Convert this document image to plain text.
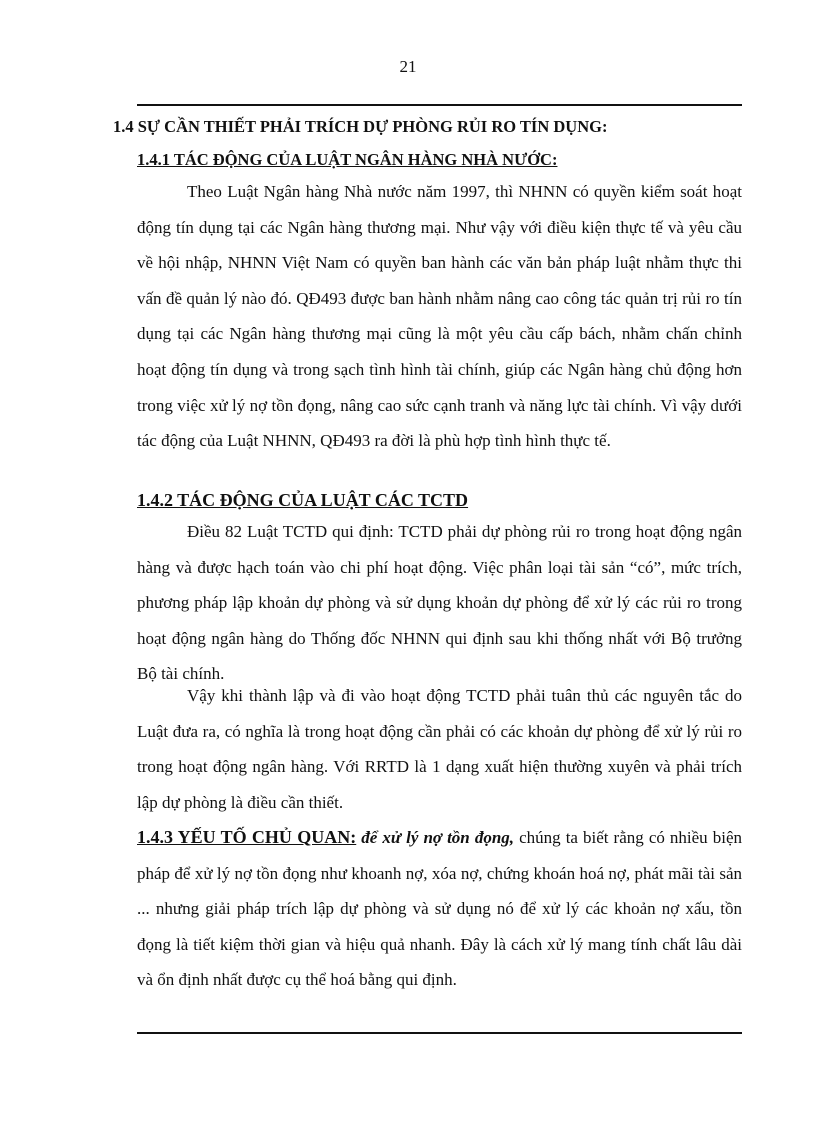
21
1.4 SỰ CẦN THIẾT PHẢI TRÍCH DỰ PHÒNG RỦI RO TÍN DỤNG:
1.4.1 TÁC ĐỘNG CỦA LUẬT NGÂN HÀNG NHÀ NƯỚC:
Theo Luật Ngân hàng Nhà nước năm 1997, thì NHNN có quyền kiểm soát hoạt động tín dụng tại các Ngân hàng thương mại. Như vậy với điều kiện thực tế và yêu cầu về hội nhập, NHNN Việt Nam có quyền ban hành các văn bản pháp luật nhằm thực thi vấn đề quản lý nào đó. QĐ493 được ban hành nhằm nâng cao công tác quản trị rủi ro tín dụng tại các Ngân hàng thương mại cũng là một yêu cầu cấp bách, nhằm chấn chỉnh hoạt động tín dụng và trong sạch tình hình tài chính, giúp các Ngân hàng chủ động hơn trong việc xử lý nợ tồn đọng, nâng cao sức cạnh tranh và năng lực tài chính. Vì vậy dưới tác động của Luật NHNN, QĐ493 ra đời là phù hợp tình hình thực tế.
1.4.2 TÁC ĐỘNG CỦA LUẬT CÁC TCTD
Điều 82 Luật TCTD qui định: TCTD phải dự phòng rủi ro trong hoạt động ngân hàng và được hạch toán vào chi phí hoạt động. Việc phân loại tài sản “có”, mức trích, phương pháp lập khoản dự phòng và sử dụng khoản dự phòng để xử lý các rủi ro trong hoạt động ngân hàng do Thống đốc NHNN qui định sau khi thống nhất với Bộ trưởng Bộ tài chính.
Vậy khi thành lập và đi vào hoạt động TCTD phải tuân thủ các nguyên tắc do Luật đưa ra, có nghĩa là trong hoạt động cần phải có các khoản dự phòng để xử lý rủi ro trong hoạt động ngân hàng. Với RRTD là 1 dạng xuất hiện thường xuyên và phải trích lập dự phòng là điều cần thiết.
1.4.3 YẾU TỐ CHỦ QUAN: để xử lý nợ tồn đọng, chúng ta biết rằng có nhiều biện pháp để xử lý nợ tồn đọng như khoanh nợ, xóa nợ, chứng khoán hoá nợ, phát mãi tài sản ... nhưng giải pháp trích lập dự phòng và sử dụng nó để xử lý các khoản nợ xấu, tồn đọng là tiết kiệm thời gian và hiệu quả nhanh. Đây là cách xử lý mang tính chất lâu dài và ổn định nhất được cụ thể hoá bằng qui định.
